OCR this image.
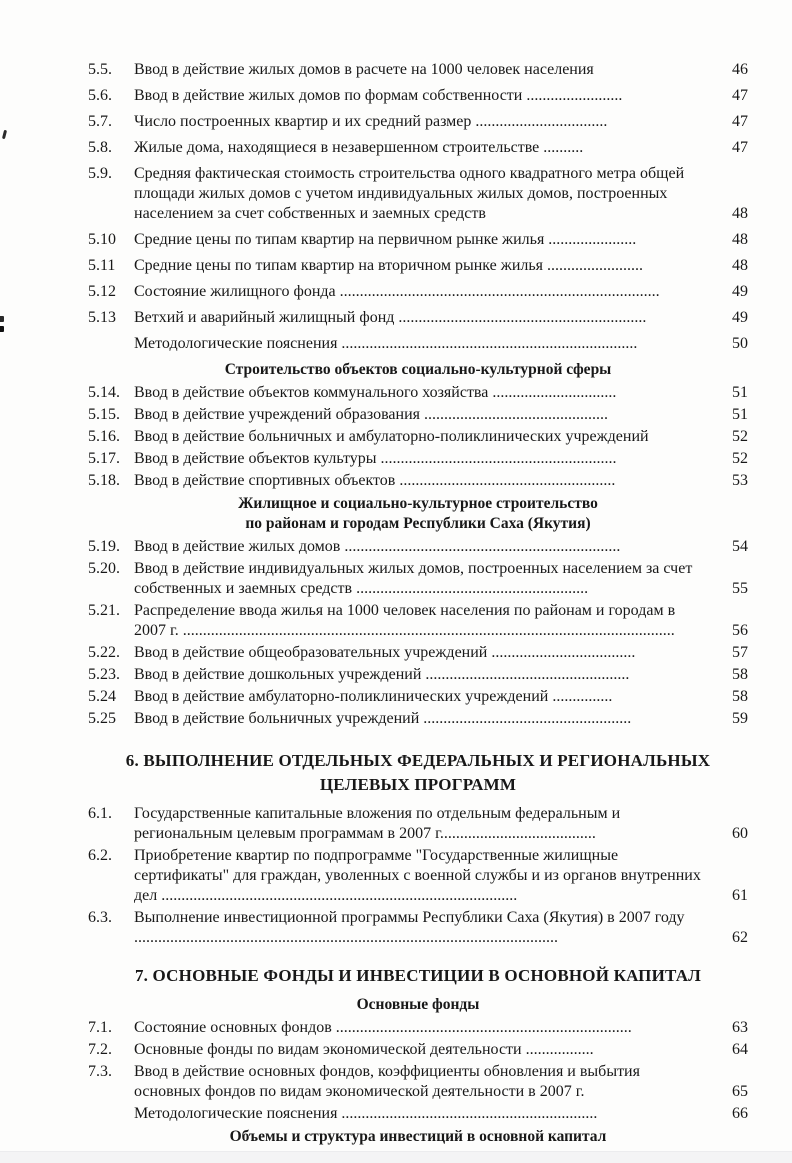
5.5.	Ввод в действие жилых домов в расчете на 1000 человек населения	46
5.6.	Ввод в действие жилых домов по формам собственности ........................	47
5.7.	Число построенных квартир и их средний размер .................................	47
5.8.	Жилые дома, находящиеся в незавершенном строительстве ..........	47
5.9.	Средняя фактическая стоимость строительства одного квадратного метра общей площади жилых домов с учетом индивидуальных жилых домов, построенных населением за счет собственных и заемных средств	48
5.10	Средние цены по типам квартир на первичном рынке жилья ......................	48
5.11	Средние цены по типам квартир на вторичном рынке жилья ........................	48
5.12	Состояние жилищного фонда ................................................................................	49
5.13	Ветхий и аварийный жилищный фонд ..............................................................	49
Методологические пояснения ..........................................................................	50
Строительство объектов социально-культурной сферы
5.14. Ввод в действие объектов коммунального хозяйства ...............................	51
5.15. Ввод в действие учреждений образования ..............................................	51
5.16. Ввод в действие больничных и амбулаторно-поликлинических учреждений	52
5.17. Ввод в действие объектов культуры ...........................................................	52
5.18. Ввод в действие спортивных объектов ......................................................	53
Жилищное и социально-культурное строительство
по районам и городам Республики Саха (Якутия)
5.19. Ввод в действие жилых домов .....................................................................	54
5.20. Ввод в действие индивидуальных жилых домов, построенных населением за счет собственных и заемных средств ..........................................................	55
5.21. Распределение ввода жилья на 1000 человек населения по районам и городам в 2007 г. ...........................................................................................................................	56
5.22. Ввод в действие общеобразовательных учреждений ....................................	57
5.23. Ввод в действие дошкольных учреждений ...................................................	58
5.24	Ввод в действие амбулаторно-поликлинических учреждений ...............	58
5.25	Ввод в действие больничных учреждений ....................................................	59
6. ВЫПОЛНЕНИЕ ОТДЕЛЬНЫХ ФЕДЕРАЛЬНЫХ И РЕГИОНАЛЬНЫХ ЦЕЛЕВЫХ ПРОГРАММ
6.1.	Государственные капитальные вложения по отдельным федеральным и региональным целевым программам в 2007 г.......................................	60
6.2.	Приобретение квартир по подпрограмме "Государственные жилищные сертификаты" для граждан, уволенных с военной службы и из органов внутренних дел .........................................................................................	61
6.3.	Выполнение инвестиционной программы Республики Саха (Якутия) в 2007 году ..........................................................................................................	62
7. ОСНОВНЫЕ ФОНДЫ И ИНВЕСТИЦИИ В ОСНОВНОЙ КАПИТАЛ
Основные фонды
7.1.	Состояние основных фондов ..........................................................................	63
7.2.	Основные фонды по видам экономической деятельности .................	64
7.3.	Ввод в действие основных фондов, коэффициенты обновления и выбытия основных фондов по видам экономической деятельности в 2007 г.	65
Методологические пояснения ................................................................	66
Объемы и структура инвестиций в основной капитал
